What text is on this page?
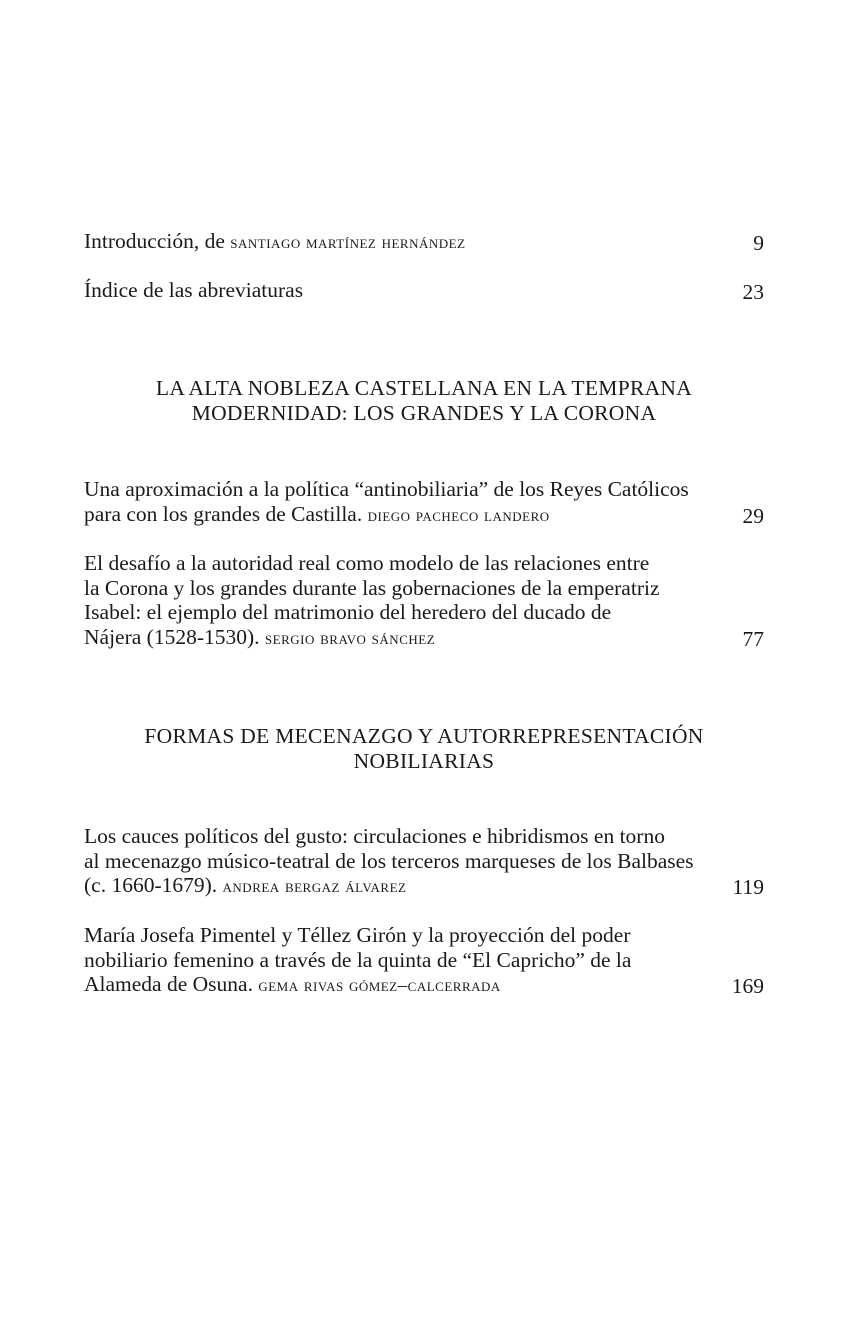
Introducción, de santiago martínez hernández	9
Índice de las abreviaturas	23
LA ALTA NOBLEZA CASTELLANA EN LA TEMPRANA
MODERNIDAD: LOS GRANDES Y LA CORONA
Una aproximación a la política “antinobiliaria” de los Reyes Católicos
para con los grandes de Castilla. diego pacheco landero	29
El desafío a la autoridad real como modelo de las relaciones entre
la Corona y los grandes durante las gobernaciones de la emperatriz
Isabel: el ejemplo del matrimonio del heredero del ducado de
Nájera (1528-1530). sergio bravo sánchez	77
FORMAS DE MECENAZGO Y AUTORREPRESENTACIÓN
NOBILIARIAS
Los cauces políticos del gusto: circulaciones e hibridismos en torno
al mecenazgo músico-teatral de los terceros marqueses de los Balbases
(c. 1660-1679). andrea bergaz álvarez	119
María Josefa Pimentel y Téllez Girón y la proyección del poder
nobiliario femenino a través de la quinta de “El Capricho” de la
Alameda de Osuna. gema rivas gómez–calcerrada	169
